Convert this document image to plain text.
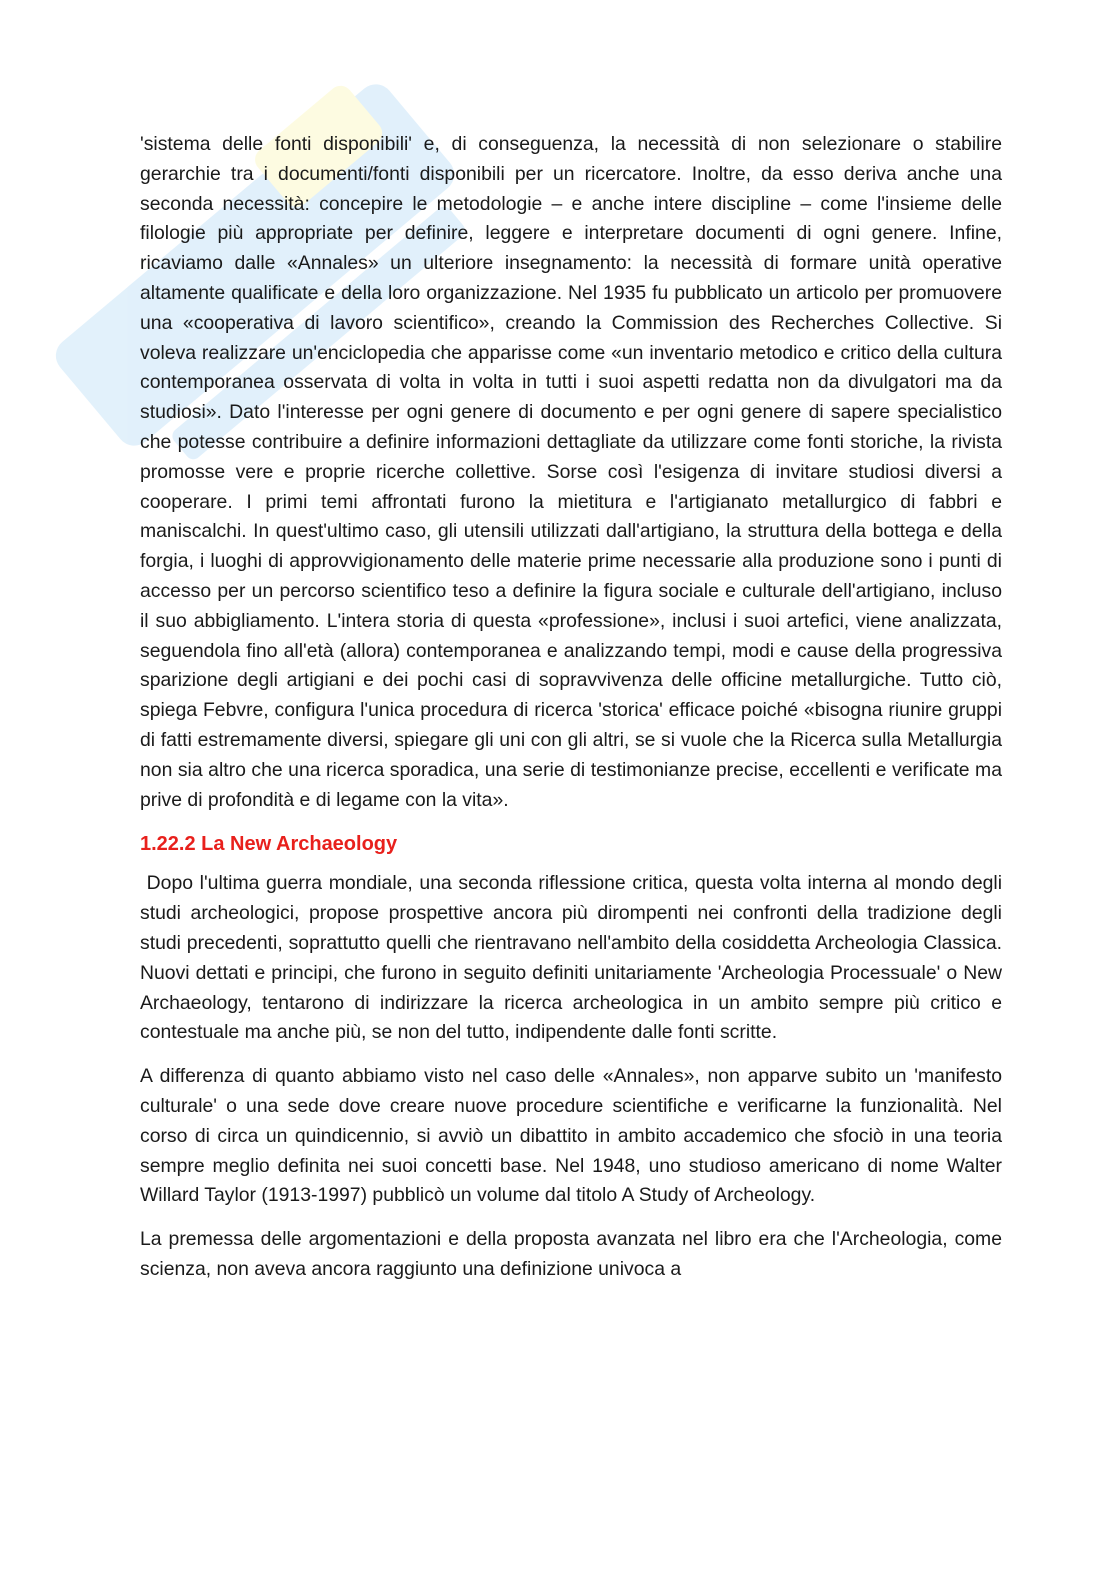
'sistema delle fonti disponibili' e, di conseguenza, la necessità di non selezionare o stabilire gerarchie tra i documenti/fonti disponibili per un ricercatore. Inoltre, da esso deriva anche una seconda necessità: concepire le metodologie – e anche intere discipline – come l'insieme delle filologie più appropriate per definire, leggere e interpretare documenti di ogni genere. Infine, ricaviamo dalle «Annales» un ulteriore insegnamento: la necessità di formare unità operative altamente qualificate e della loro organizzazione. Nel 1935 fu pubblicato un articolo per promuovere una «cooperativa di lavoro scientifico», creando la Commission des Recherches Collective. Si voleva realizzare un'enciclopedia che apparisse come «un inventario metodico e critico della cultura contemporanea osservata di volta in volta in tutti i suoi aspetti redatta non da divulgatori ma da studiosi». Dato l'interesse per ogni genere di documento e per ogni genere di sapere specialistico che potesse contribuire a definire informazioni dettagliate da utilizzare come fonti storiche, la rivista promosse vere e proprie ricerche collettive. Sorse così l'esigenza di invitare studiosi diversi a cooperare. I primi temi affrontati furono la mietitura e l'artigianato metallurgico di fabbri e maniscalchi. In quest'ultimo caso, gli utensili utilizzati dall'artigiano, la struttura della bottega e della forgia, i luoghi di approvvigionamento delle materie prime necessarie alla produzione sono i punti di accesso per un percorso scientifico teso a definire la figura sociale e culturale dell'artigiano, incluso il suo abbigliamento. L'intera storia di questa «professione», inclusi i suoi artefici, viene analizzata, seguendola fino all'età (allora) contemporanea e analizzando tempi, modi e cause della progressiva sparizione degli artigiani e dei pochi casi di sopravvivenza delle officine metallurgiche. Tutto ciò, spiega Febvre, configura l'unica procedura di ricerca 'storica' efficace poiché «bisogna riunire gruppi di fatti estremamente diversi, spiegare gli uni con gli altri, se si vuole che la Ricerca sulla Metallurgia non sia altro che una ricerca sporadica, una serie di testimonianze precise, eccellenti e verificate ma prive di profondità e di legame con la vita».

1.22.2 La New Archaeology

Dopo l'ultima guerra mondiale, una seconda riflessione critica, questa volta interna al mondo degli studi archeologici, propose prospettive ancora più dirompenti nei confronti della tradizione degli studi precedenti, soprattutto quelli che rientravano nell'ambito della cosiddetta Archeologia Classica. Nuovi dettati e principi, che furono in seguito definiti unitariamente 'Archeologia Processuale' o New Archaeology, tentarono di indirizzare la ricerca archeologica in un ambito sempre più critico e contestuale ma anche più, se non del tutto, indipendente dalle fonti scritte.

A differenza di quanto abbiamo visto nel caso delle «Annales», non apparve subito un 'manifesto culturale' o una sede dove creare nuove procedure scientifiche e verificarne la funzionalità. Nel corso di circa un quindicennio, si avviò un dibattito in ambito accademico che sfociò in una teoria sempre meglio definita nei suoi concetti base. Nel 1948, uno studioso americano di nome Walter Willard Taylor (1913-1997) pubblicò un volume dal titolo A Study of Archeology.

La premessa delle argomentazioni e della proposta avanzata nel libro era che l'Archeologia, come scienza, non aveva ancora raggiunto una definizione univoca a
